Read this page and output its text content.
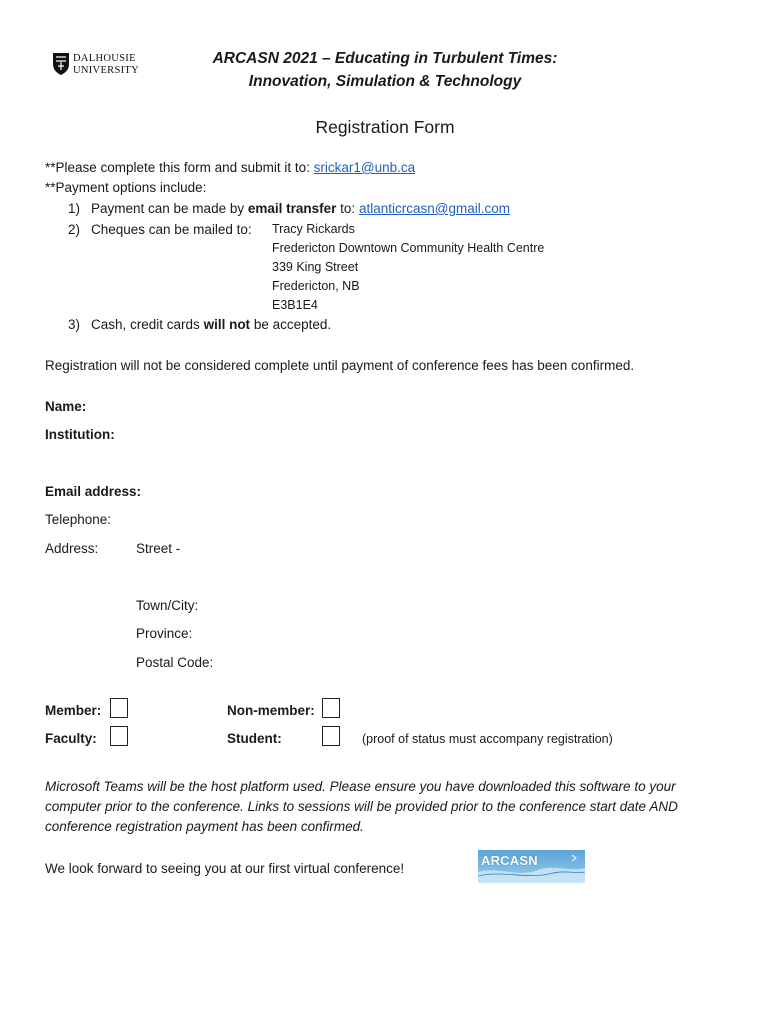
DALHOUSIE
UNIVERSITY
ARCASN 2021 – Educating in Turbulent Times:
Innovation, Simulation & Technology
Registration Form
**Please complete this form and submit it to: srickar1@unb.ca
**Payment options include:
1) Payment can be made by email transfer to: atlanticrcasn@gmail.com
2) Cheques can be mailed to: Tracy Rickards
Fredericton Downtown Community Health Centre
339 King Street
Fredericton, NB
E3B1E4
3) Cash, credit cards will not be accepted.
Registration will not be considered complete until payment of conference fees has been confirmed.
Name:
Institution:
Email address:
Telephone:
Address:	Street -
Town/City:
Province:
Postal Code:
Member:	Non-member:
Faculty:	Student:	(proof of status must accompany registration)
Microsoft Teams will be the host platform used. Please ensure you have downloaded this software to your
computer prior to the conference. Links to sessions will be provided prior to the conference start date AND
conference registration payment has been confirmed.
We look forward to seeing you at our first virtual conference!
ARCASN
